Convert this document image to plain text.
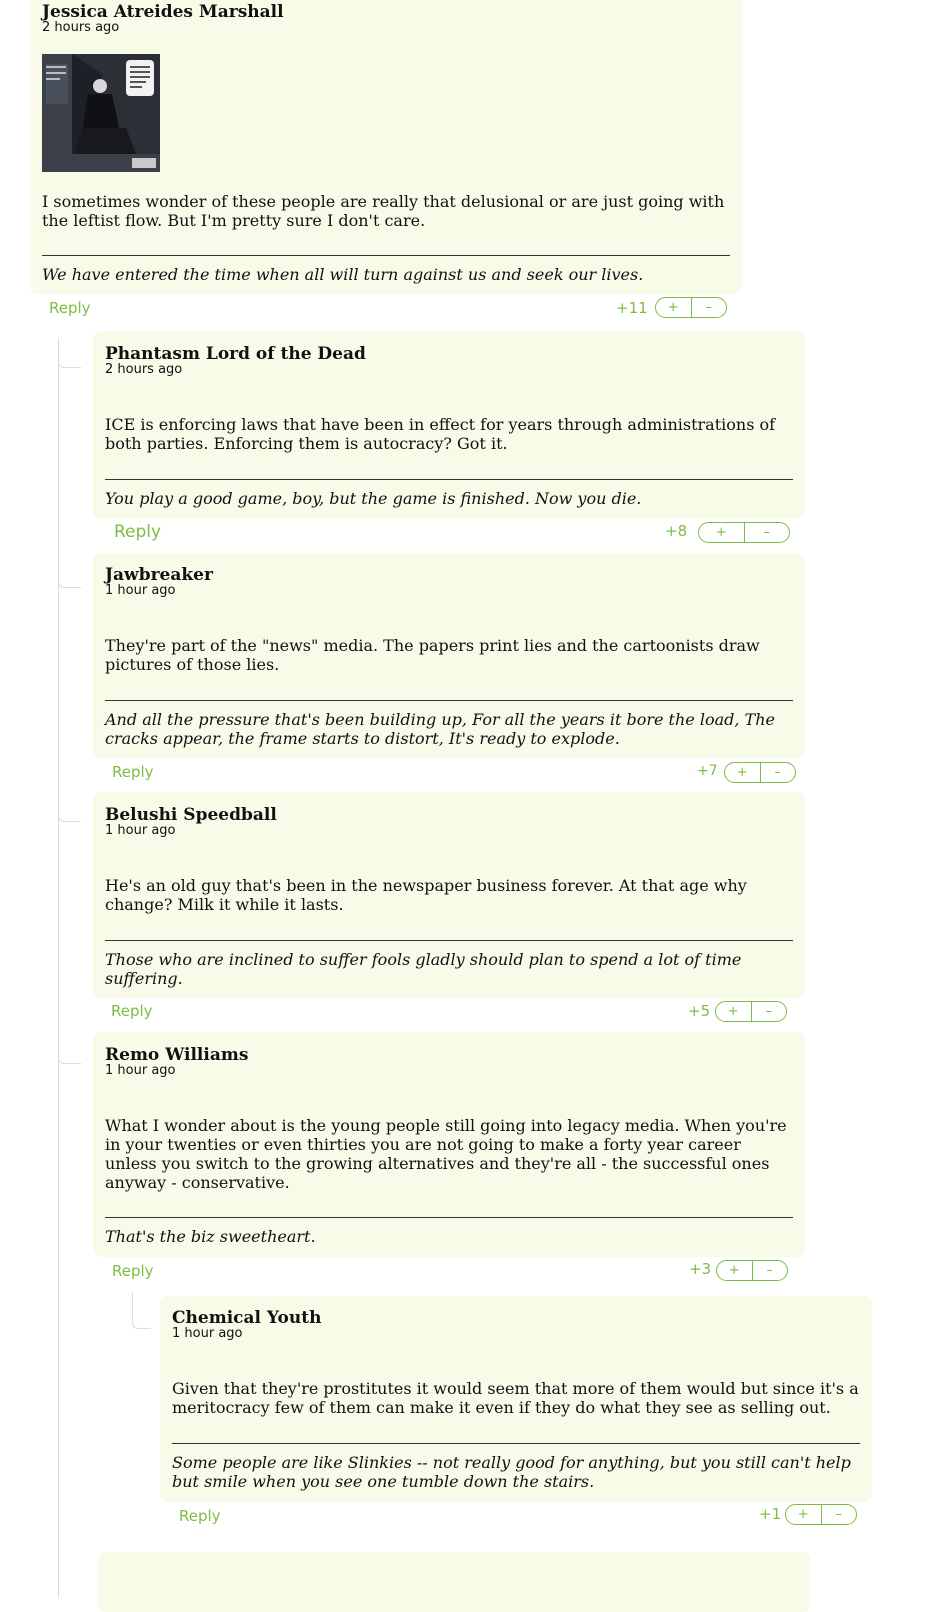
Jessica Atreides Marshall
2 hours ago
I sometimes wonder of these people are really that delusional or are just going with the leftist flow. But I'm pretty sure I don't care.
We have entered the time when all will turn against us and seek our lives.
Reply	+11	+	–
Phantasm Lord of the Dead
2 hours ago
ICE is enforcing laws that have been in effect for years through administrations of both parties. Enforcing them is autocracy? Got it.
You play a good game, boy, but the game is finished. Now you die.
Reply	+8	+	–
Jawbreaker
1 hour ago
They're part of the "news" media. The papers print lies and the cartoonists draw pictures of those lies.
And all the pressure that's been building up, For all the years it bore the load, The cracks appear, the frame starts to distort, It's ready to explode.
Reply	+7	+	–
Belushi Speedball
1 hour ago
He's an old guy that's been in the newspaper business forever. At that age why change? Milk it while it lasts.
Those who are inclined to suffer fools gladly should plan to spend a lot of time suffering.
Reply	+5	+	–
Remo Williams
1 hour ago
What I wonder about is the young people still going into legacy media. When you're in your twenties or even thirties you are not going to make a forty year career unless you switch to the growing alternatives and they're all - the successful ones anyway - conservative.
That's the biz sweetheart.
Reply	+3	+	–
Chemical Youth
1 hour ago
Given that they're prostitutes it would seem that more of them would but since it's a meritocracy few of them can make it even if they do what they see as selling out.
Some people are like Slinkies -- not really good for anything, but you still can't help but smile when you see one tumble down the stairs.
Reply	+1	+	–
